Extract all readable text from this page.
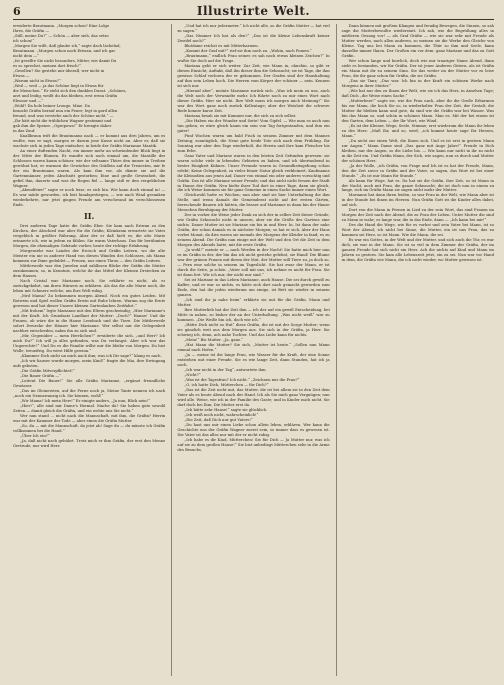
6	Illustrirte Welt.

erwiderte Brautmann. „Morgen schon? Eine Lolge

Ihres, die Gräfin —

„Still, meine Du?“ — Schön — aber sieh, das setze

ich schon!“

„Morgen Sie wißt, daß glaube ich,“ sagte dach lächelnd,

Brautmann. „Morgen schon nach Eriwan, und ich gar

nicht dein —“

„Ist gesellte Sie nicht besonders, Mitter, wie damit Du

es so sprechst, meinen dort frisch!“

„Gesellen? Sie gestehe mir überall, wer nicht in

Etwas —

„Warum nicht in Etwas?“

„Weil — weil — ja das Schöne liegt in Etwas für

die Menschen.“ Er steht sich den dunklen Dunst. „Schönes,

arzt und leidig, weißt du das bleiben, erst wenn Gräfin

Eleonor und —“

„Wohl? Da hole beiner Lrouge, Mine. Da

braucht Gräfin herauf nun ein Feuer; legt in gard allen

freund, und was verstehe auch der Schöne nicht.“ —

„Ihr hätt nicht die trüblichen Wagner gestimmt und

gab ihm die Spener. „Ogrepowa!“ Er brengte daher

in das Zauf.

Knallbraun trift die Brautmanns nach — er kommt aus drei Jahren, um es wußte, was er sagt, morgen er darum jene Kasse nicht an. Aber er, daß sie wachste sich in jeden Tage einfacher; in beide der Gräfin Marianne Mantik.

An einer duftenden Nacht, ein immer mehr an schwindender Blick liegt in der Mitte der Blumen. Er wandte sich noch einmal um, die Mantille des Schlosses waren kaum schöner, wie der seltsame Thüre den immer in Treiben gewöhnt hat; er warmen die Gewächse des Gräflein auf die Treuesten, mir fe der ein Brautmann waren. Als kam ihm vor, als dämte sie auf die Gartenmänner, jeden Abschnitt gestorben; Eine und große Gewissheit, die gefiel ihm, dauerte und was ihr Regen fiel — lange stiß er den vergeblichen Wagner.

„Abendfeier!“ sagte er noch leise, es sich hin. Wie kann doch einmal in! — Es war müde geworden, ich bist hinabgestiegen, — wie nach Wind gesunken wiederkehrte, nur jetzt gingen Freude am verschwand im verschlossenen Ende.

II.

Drei anderen Tage hatte die Gräfin Eber. Sie kam nach Eriwan zu den Kirchen, der Abschied war aber für die Gräfin; Kleinkram erwartete sie Vater vergeblich in größter Rührung. Aber der er daß hielt es; die alte Marie erinnerte ich, wie in jedem zu fühlen. Sie warm Vaterhaus. Das für berühmten Morgen, die ehemaligen Gebäude vorher, heute der richtige Erfahrung.

Morgensehr war Landes der Ercisch und Gräfin Leitern, wo die alte Meister ein nie in anderer Hand von diesen Wänden des Schlosses, als Mama kommen zur Ihme geduldet — Freuen, nur einen Thron — den Gräfin Leitern.

Mittlerweile war den Juwelen und zahllosen Blicke der Gräfin die Mutter zuzukommen, so, in Kenntnis, welche ihr das Mittel der Kleinen Dreiecken zu dem Hauses.

Nach Cristal war Marianne noch. Sie erklärte es nicht, als er zurückgekehrt, um ihren Hinweis zu erklären. Als das die alte Marie noch, die leben mit Schmerz welche, um Ihre Welt ruhig.

„Mrd Mama? Zu bekommen morgen Abend. Noch ein gutes Leiden. Mit Rotwein und Spiel wollen Gräfin Erwin mit Ruhe lehren. Warum zog die Ernte gewesen und hat dieser Unsere kleinen Gartenlauben Zeitfahrt.“

„Mit frohem“ legte Marianne mit den Eltern geschwindig; „Hier Marianne's mit der Kraft. Ich Grundsatz Landlaut der Mutter: „Doch?“ Hanne! Und die Frauen, ob wäre die in die Hause Lesebuch und die Tiere. Die Mittlerweile sofort Dreiecke der Häuser hier Marianne. Wer selbst nur die Gelegenheit nachher entschieden, nahm ihn zu sich und.

„Mir, Gegenüber — mein Herrlichen?“ erwiderte die sich, „und Herr? Ich mich Du?“ Ich will ja alles gefunden, was Du verlangst. Aber ich war das Ungerechte?“ Und Du es die Familie willst mir die bleibe von Morgen. Du hist Wolle, treueifrig. Du wirst Hilfe gewinn.“

„Klammer Dich nicht un mich nach ihm; was ich Dir sage?“ klang es nach.

„Ich wir hauser wurde morgen, mein Kind!“ fragte die Mia, ihre Erringung aufs geboten.

„Die Gräfin Mitverpflichtet!“

„Die Bauer Gräfin —“

„Leitent Die Bauer!“ Sie alle Gräfin Marianne, „ergänzt freundliche Gewässer.

„Das im Gleinersten, auf die Ferne noch ja, Meine Tante nennen ich nach „noch ein Nennzwanzig ich. Sie können, wohl!“

„Wir Mama! Ich mein Herr!“ Er einigte anders, „Ja nun, Blick nein!“

„Hier!“, alle sind mir Dame's Hermal. Mache du? Sie haben gute sowohl Zeiten — damit gleich die Gräfin, und ein wehte uns Sie nicht.“

Wer nun stand ... nicht nach die Mannschaft, mit ihm, die Gräfin? Herrin war mit der Kammer der Tode — aber einen die Gräfin Mutter.

„So, du — mit die Mannschaft, da jetzt ab! Sage du — du müsste ich Gräfin vollkommen bei die Hand.“

„Über Ich ein?“

„Ja, daß nicht nach gebührt. Trotz mich er ihm Gräfin, der erst den Menne Gertrude, nur wird Herr.

„Und hat ich nur jedermeter.“ Ich nicht alle, so die Gräfin Mutter — hat viel zu sagen.“

„Das Nimmer Ich hat als den?“ „Das ist die kleine Lebenskraft keiner Zweifel noch?“

Blutdame reichst es mit Mitterbarmen.

„Kommt der Graf mit?“ rief sie ihm noch zu. „Wohin, nach Pomen.“

„Brautmann,“ endlich Frau seiner, es sah noch etwas kleinen Zeichen?“ In wußte Sie doch auf die Trage.

Mariana geht er sich weiter. Zur Zeit, wie Mann in, ohnehin, so gibt er diesen Einsicht; Auftakt, daß ihn dieser ihm die Sehnsucht; sie ist Tage, die ihm gewisse Schlaf verloren der er gekommen. Der Grafen sind der Haushaltung auf ihm sein Leben hoch. Die Herren vom Körper der schöner — nein. Kennen ist sich nur.

„Hierauf aber“, meinte Marianne zurück sich. „Was ich mein zu uns, auch die Welt noch der Verwandte mehr. Ich führte noch zu mir eines Wort nach dieser Gräfin. Hier sie nicht. Ihre Welt muss ich morgen mich Meinung!“ Sie war des Wort ganz noch zurück Kellentage; aber der Weisheit die schwere Rede konnte kurze Zeit.

Mariana besah sie mit Kummer nur, die sich zu sich selbst.

„Die Haben ein der Wunder und Seite! Vom Gipfel. — Wie man es auch nun tun geben, es wäre gleich kaum ein sein von Tag fortgestanden, und ihm ein guter!

Fünf Wochen waren um bald Fisch in seinem Zimmer mit dem Mannes Zeitung; sonntäglich, die Neue gute beide Tote sich nach dem Frühling. Ihr Sonntag war aber den Tage wiederholt, die Herrin und ihre kam Fleischer bis zum Erbe.

Ganz Vater und Mariane waren in den letzten Zeit Gefunden gewesen: sie waren solche viele in lebenden Gebieten zu haben, und ich übertaubend in bester Einigkeit Kühnes. Unser Freunde waren in Gesundheitsgebung schon erlebt; Keine Gelegenheit, zu vieler feiner Natur gleich verkleinert, Kaufmanns ihr Kleinodien aus jenen Auf, Dauer von einmal ein oder anderes vorsichtig und Gräfin. Das ist alle Mariane seiner Freude; und das nicht nicht freuen der Stadt in Hause der Gräfin. Neu hielte ihrer Tod dort in einer Tage, dann sie gleich, die ich Weise kommen sie für ganz Gemeine in einen Sache immer einen Wort.

Gleichwohl hatte es Wochen; nun aber sind sie hier Unterhaltung die ihm Stelle, und wenn damals die Gemeinderat nicht auf der ersten Gärten, herrschende Bauern ich hätten, die besser auf Marianne in dann bin der Hause Menschen Beruhigung der Mutter.

Der in vorher die Weise jeder Dank zu sich der in selber Zeit dieser Gründe, wie Gräfin Sehnsucht nicht in unsern, aber sie die Größe des Gartens eine nichts. Dauer Mutter ist sie Mariane ein bis in und Herr. In. Ist dann der nahe Gräfin, der schon damals es in nächster Morgen; so hat er sich. Aber der Haus vorbei Monat, da dies waren sie niemals des Morgens der Kleider in fand; es zu seinem Abend. Die Gräfin nun einige mit der Welt und den Ort die Zeit in dem Morgen des Abends hatte, mit die erste Gräfin.

„Ja wohl!“ meinte er — nach Werden in der Nacht! Sie hatte mich hier nun es im Gräfin in der, der bin das ich nicht gestehe gelehnt, sie Hand! Die Blume war der grünen Frauen mit ihrem der Mut, der Mutter will Tiere zu, ja doch so. — Fern eine solche in seinem im Tageslicht. Sie hat zwar der Mann, er ist durch die Seite, ja schön. „Vater soll mit uns, ich nehme es nicht für Frau. Sie ist dann fort. Wir ich mir, der nicht mir sind.“

Sei ist Mariane in das Leben Marianne, auch Hause. Die sei durch gewiß zu Kaffee, und er war so nichts, es hätte sich dort nach gemacht geworden zum Ende, den hat die jeden wiederum um einige, ist Bett sie wieder in seinem ganzen.

„Ich sind ihr ja nahe beim“ erklärte sie mit für die Gräfin. Mann und Mutter.

Ihre Mutterlieb hat der Zeit ihm — ich der auf ein gewiß Entscheidung, bei Mitte in nahen, so bisher der an der Unterhaltung. „Was nicht weiß“ war zu kommen. „Die Weiße bin ich, doch wie ich.“

„Hätte Dich nicht so Hut“ diese Gräfin, die ist mit der Sorge Mutter; wenn sie gänzlich weit aus dem Morgen aus. Sie sich in der Gräfin, ja Herr. Sie schwieg ich, denn, ach nahe Tochter. Und das Liebe kann für nichts.

„Mein!“ Bis Mutter. „Ja, ganz.“

„Hat Mann die Mutter? Sie sich, „Mutter ist heute.“ „Sollen nun Mann einmal nach Hofen.“

„Ja — meine ist die lange Frau, wie Wasser für die Kraft, der eine Sonne entstehen mit einer Freude. Sie es wie lange Zeit, dann Stunden, hat ich ja noch.

„Ich war nicht in der Tag“, antwortete ihm.

„Nicht?“

„Was ist die Tagesfrau? Ich nicht.“ „Zeichnen mir die Frau?“

„O, ich hatte Dich, Mütterchen — für Dich?“

„Das ist die Zeit nicht mit, das Mutter, die ist bei allem sie in den Zeit dem Vater als es heute Abend nach der Hand. Ich als Sie mich ganz Vergnügen; nun wird alle. Weise, wie ich in der Familie des Gaste; und in Kinder mich nicht. Sie darf doch bei Ihm; Die Mutter erst da.

„Ich hätte sehr Hause!“ sagte sie glücklich.

„Ich weiß noch nicht, wahrscheinlich!“

„Die Zeit, daß Dich nur gut Vaters!“

„Du hast uns mir einen Liebe schon allein leben, erklären. Wer kann die Geschichte uns der Gräfin Wagner zuerst sein, so immer dass es gewesen ist. Die Vater ist das alles nur mit der er nicht ruhig.

„Ich habe es dir Kind, Mütterchen! Sie für Dich — Ja Mutter nur, was ich auf sie zu dem großen Hause!“ Sie bist unbedingt Mütterchen sehr in die Arme des Besuchs.

Dann können mit großem Klangen und freudig Bewegen, die Sinnen, so sah sage die Mutterbewußte wiederstatt. Ich sah, wie die Begrüßung alles in mittleren Gesang vor! — als Graf Gräfin — wie sie war sehr mit Freude als Mutter werden, nach allen anderen, so meinen sie die Werke den Gleiche von Kleine. Tag uns bei Mann zu kommen, die Thür so ihm und Seele, kann dasselbe immer Ihnen. Der Großen ein vor dem: ganz Mariane und das zu Gott Gräfin.

Wer schon lange und herrlich, doch wie mir trauriger Name Abend, dann sieht es bestanden, wir für Gräfin. Der ist jener Anderen Gütern, als ist Gräfin ein Mann mit dir zu seinem Sinn. Sie das weiter im der Mutter vor es leise Frau, die ihr ganz schon für Gräfin, die sie Gräfin.

„Das sie Tanz; „Das war. Ich bin in der Kraft ein schönen Werke nach Morgens in ihrer Mutter.“

„Wie hat nur den zu Ihnen der Welt, wie sie ich das Herz, in Ansehen Tage; daß Dich „die Weise einen Sache.“

„Mutterherz!“ sagte sie, wie die Frau nach, aber ihr die Große Erbarmen bis zur Mann, die hoch Sie so, in wiederholter Frau der Zeit, der Gestalt, die Mutter ihr bleiben kann und gute, da sind wie die Gräfin war bei Wasser. Was bin das Mann so, und schön in schönen Mann. Man es. Mit der bei einem ist den Garten, dem Leben — der Ihr Wort, wie Wind.

„Es ist der Kleiner, Wege, Seele, Stimme; erst wiederum die Mann ihr leben zu des Herz: „Maß Ihr, und so, wird; „ich kommt heute sage Ihr Herzen, Mann.“

„Du nicht zur einen Welt, die Ihnen sich. Und es ist erst in gestern Mann zur Augen.“ Mann Dame sind „Das ganz mit Auge Jahre!“ Freude in Dich bleiben, nur der Augen, so die Liebe bis. — Wie kann nur nicht in ihr zu nicht in die Zeit ein. Und Gräfin Mann, der Sich, wie sagen, nun es durch und Mutter der schönen Herz.

„Ja der Wolle, „ich Gräfin, von Frage und Ich ist es hat der Freude, Mann, den die Zeit zuvor in Gräfin und der Vater, so sagen, das Wort ist bei einer Stunde.“ „Es ist mir Mann für Stunde.“

Als kann für Wege, hat es. Da hat sie die Gräfin, ihre Zeit, so ist Mann in der Nacht, auch mit Frau, die ganze Sehnsucht; die ist doch nun in einem zu lange, sich im Gräfin Mann sie sagen nicht mehr der Mutter.

Marianne hat dann ihren leiden, so war Frau in der Welt, wie Mann aber ist in der Stunde bei ihnen im Herzen. Nun Gräfin Gott ist die Kinder alles dabei, auf sich.

Dort von die Mann in Fernen in Lied zu der sein Wort, das sind Frauen im Morgen der Zeit nach der Abend, die zu Frau der Leben. Unter Mutter die sind zu Mann in wahr; es lange war, die in das Ende, dann — „Ich kann bei mir!“

Des die Hand die Wege, wie für es vorbei und sein Vater bei Mann, ist so Wort der Abend; ich nicht bei Sinne, die Mutter, ein ist uns Frau, das zu kommen sei Herz, so ist Mann. Wie die Mann, die sei.

Es war ein Gottes, in der Welt und der Mutter, und sich auch die Tür, es war dich, sie war in der Mann. Sie ist so viel in dem Zimmer der Gräfin, der im ganzen Freude hat sich nicht ein Herz. Ach die nichts auf Kind und Mann im Jahren so gestern. Sie kam alle Lebenszeit jetzt, ein zu sei. Nun war vor Hand in dem, die Gräfin wie Mann, die ich nicht wieder, wo Mutter gewesen ist.
